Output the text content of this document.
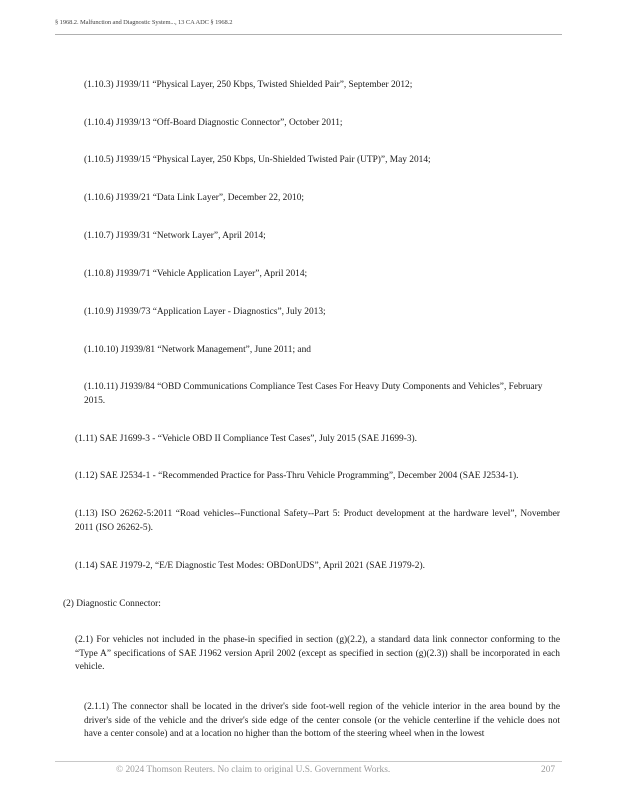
§ 1968.2. Malfunction and Diagnostic System..., 13 CA ADC § 1968.2

(1.10.3) J1939/11 “Physical Layer, 250 Kbps, Twisted Shielded Pair”, September 2012;

(1.10.4) J1939/13 “Off-Board Diagnostic Connector”, October 2011;

(1.10.5) J1939/15 “Physical Layer, 250 Kbps, Un-Shielded Twisted Pair (UTP)”, May 2014;

(1.10.6) J1939/21 “Data Link Layer”, December 22, 2010;

(1.10.7) J1939/31 “Network Layer”, April 2014;

(1.10.8) J1939/71 “Vehicle Application Layer”, April 2014;

(1.10.9) J1939/73 “Application Layer - Diagnostics”, July 2013;

(1.10.10) J1939/81 “Network Management”, June 2011; and

(1.10.11) J1939/84 “OBD Communications Compliance Test Cases For Heavy Duty Components and Vehicles”, February 2015.

(1.11) SAE J1699-3 - “Vehicle OBD II Compliance Test Cases”, July 2015 (SAE J1699-3).

(1.12) SAE J2534-1 - “Recommended Practice for Pass-Thru Vehicle Programming”, December 2004 (SAE J2534-1).

(1.13) ISO 26262-5:2011 “Road vehicles--Functional Safety--Part 5: Product development at the hardware level”, November 2011 (ISO 26262-5).

(1.14) SAE J1979-2, “E/E Diagnostic Test Modes: OBDonUDS”, April 2021 (SAE J1979-2).

(2) Diagnostic Connector:

(2.1) For vehicles not included in the phase-in specified in section (g)(2.2), a standard data link connector conforming to the “Type A” specifications of SAE J1962 version April 2002 (except as specified in section (g)(2.3)) shall be incorporated in each vehicle.

(2.1.1) The connector shall be located in the driver's side foot-well region of the vehicle interior in the area bound by the driver's side of the vehicle and the driver's side edge of the center console (or the vehicle centerline if the vehicle does not have a center console) and at a location no higher than the bottom of the steering wheel when in the lowest

© 2024 Thomson Reuters. No claim to original U.S. Government Works.	207
